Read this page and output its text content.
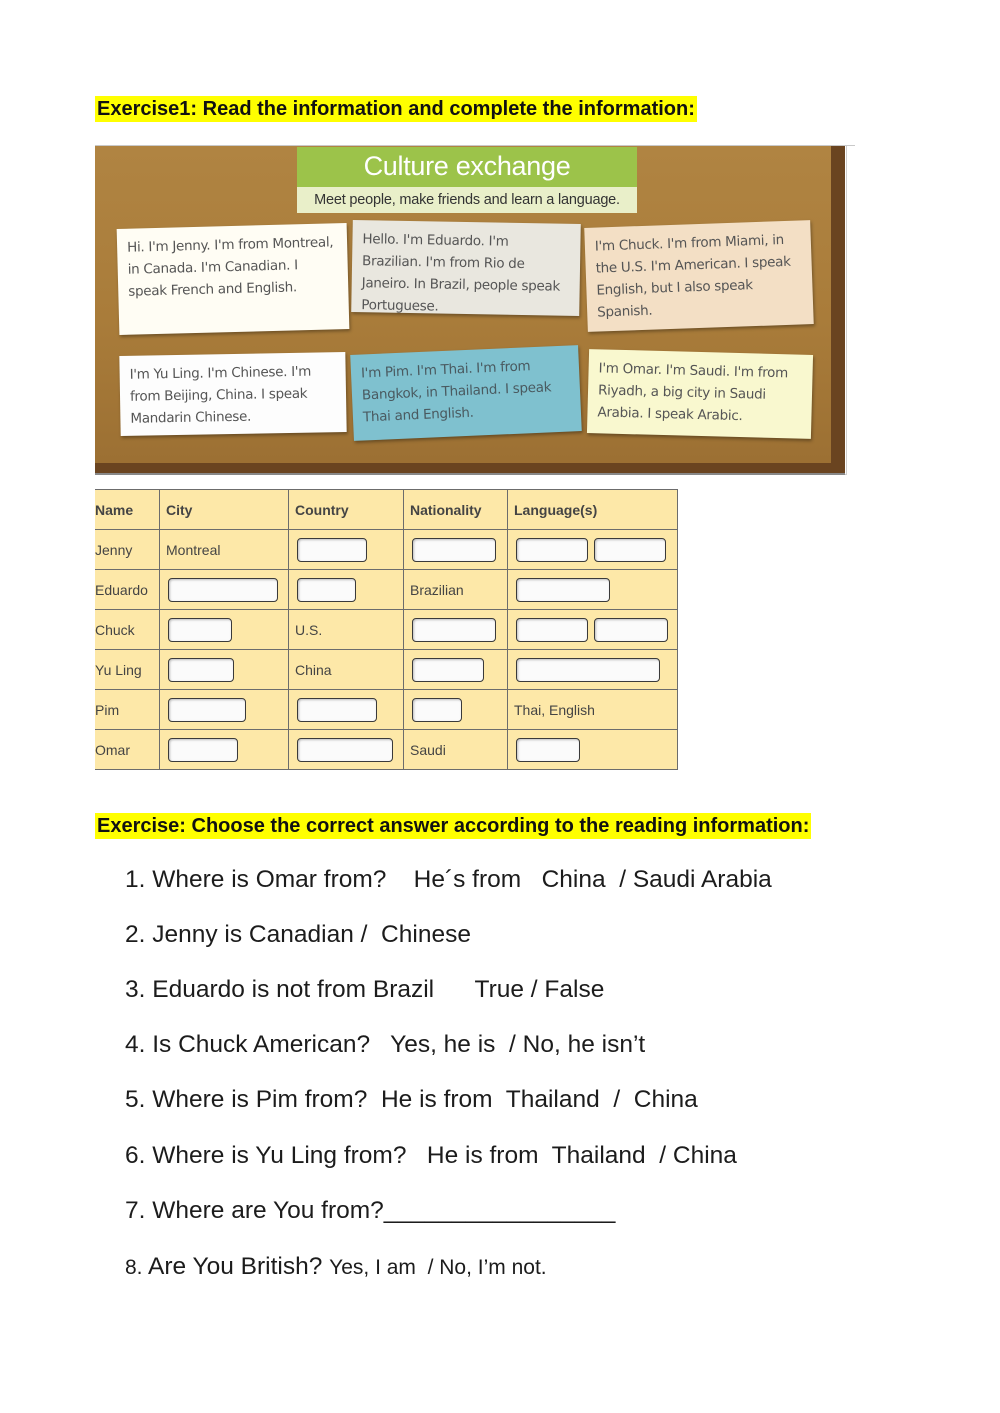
Exercise1: Read the information and complete the information:
Culture exchange
Meet people, make friends and learn a language.
Hi. I'm Jenny. I'm from Montreal, in Canada. I'm Canadian. I speak French and English.
Hello. I'm Eduardo. I'm Brazilian. I'm from Rio de Janeiro. In Brazil, people speak Portuguese.
I'm Chuck. I'm from Miami, in the U.S. I'm American. I speak English, but I also speak Spanish.
I'm Yu Ling. I'm Chinese. I'm from Beijing, China. I speak Mandarin Chinese.
I'm Pim. I'm Thai. I'm from Bangkok, in Thailand. I speak Thai and English.
I'm Omar. I'm Saudi. I'm from Riyadh, a big city in Saudi Arabia. I speak Arabic.
Name	City	Country	Nationality	Language(s)
Jenny	Montreal			
Eduardo			Brazilian	
Chuck		U.S.		
Yu Ling		China		
Pim				Thai, English
Omar			Saudi	
Exercise: Choose the correct answer according to the reading information:
1. Where is Omar from?    He´s from   China  / Saudi Arabia
2. Jenny is Canadian /  Chinese
3. Eduardo is not from Brazil      True / False
4. Is Chuck American?   Yes, he is  / No, he isn’t
5. Where is Pim from?  He is from  Thailand  /  China
6. Where is Yu Ling from?   He is from  Thailand  / China
7. Where are You from?_________________
8. Are You British? Yes, I am  / No, I’m not.
